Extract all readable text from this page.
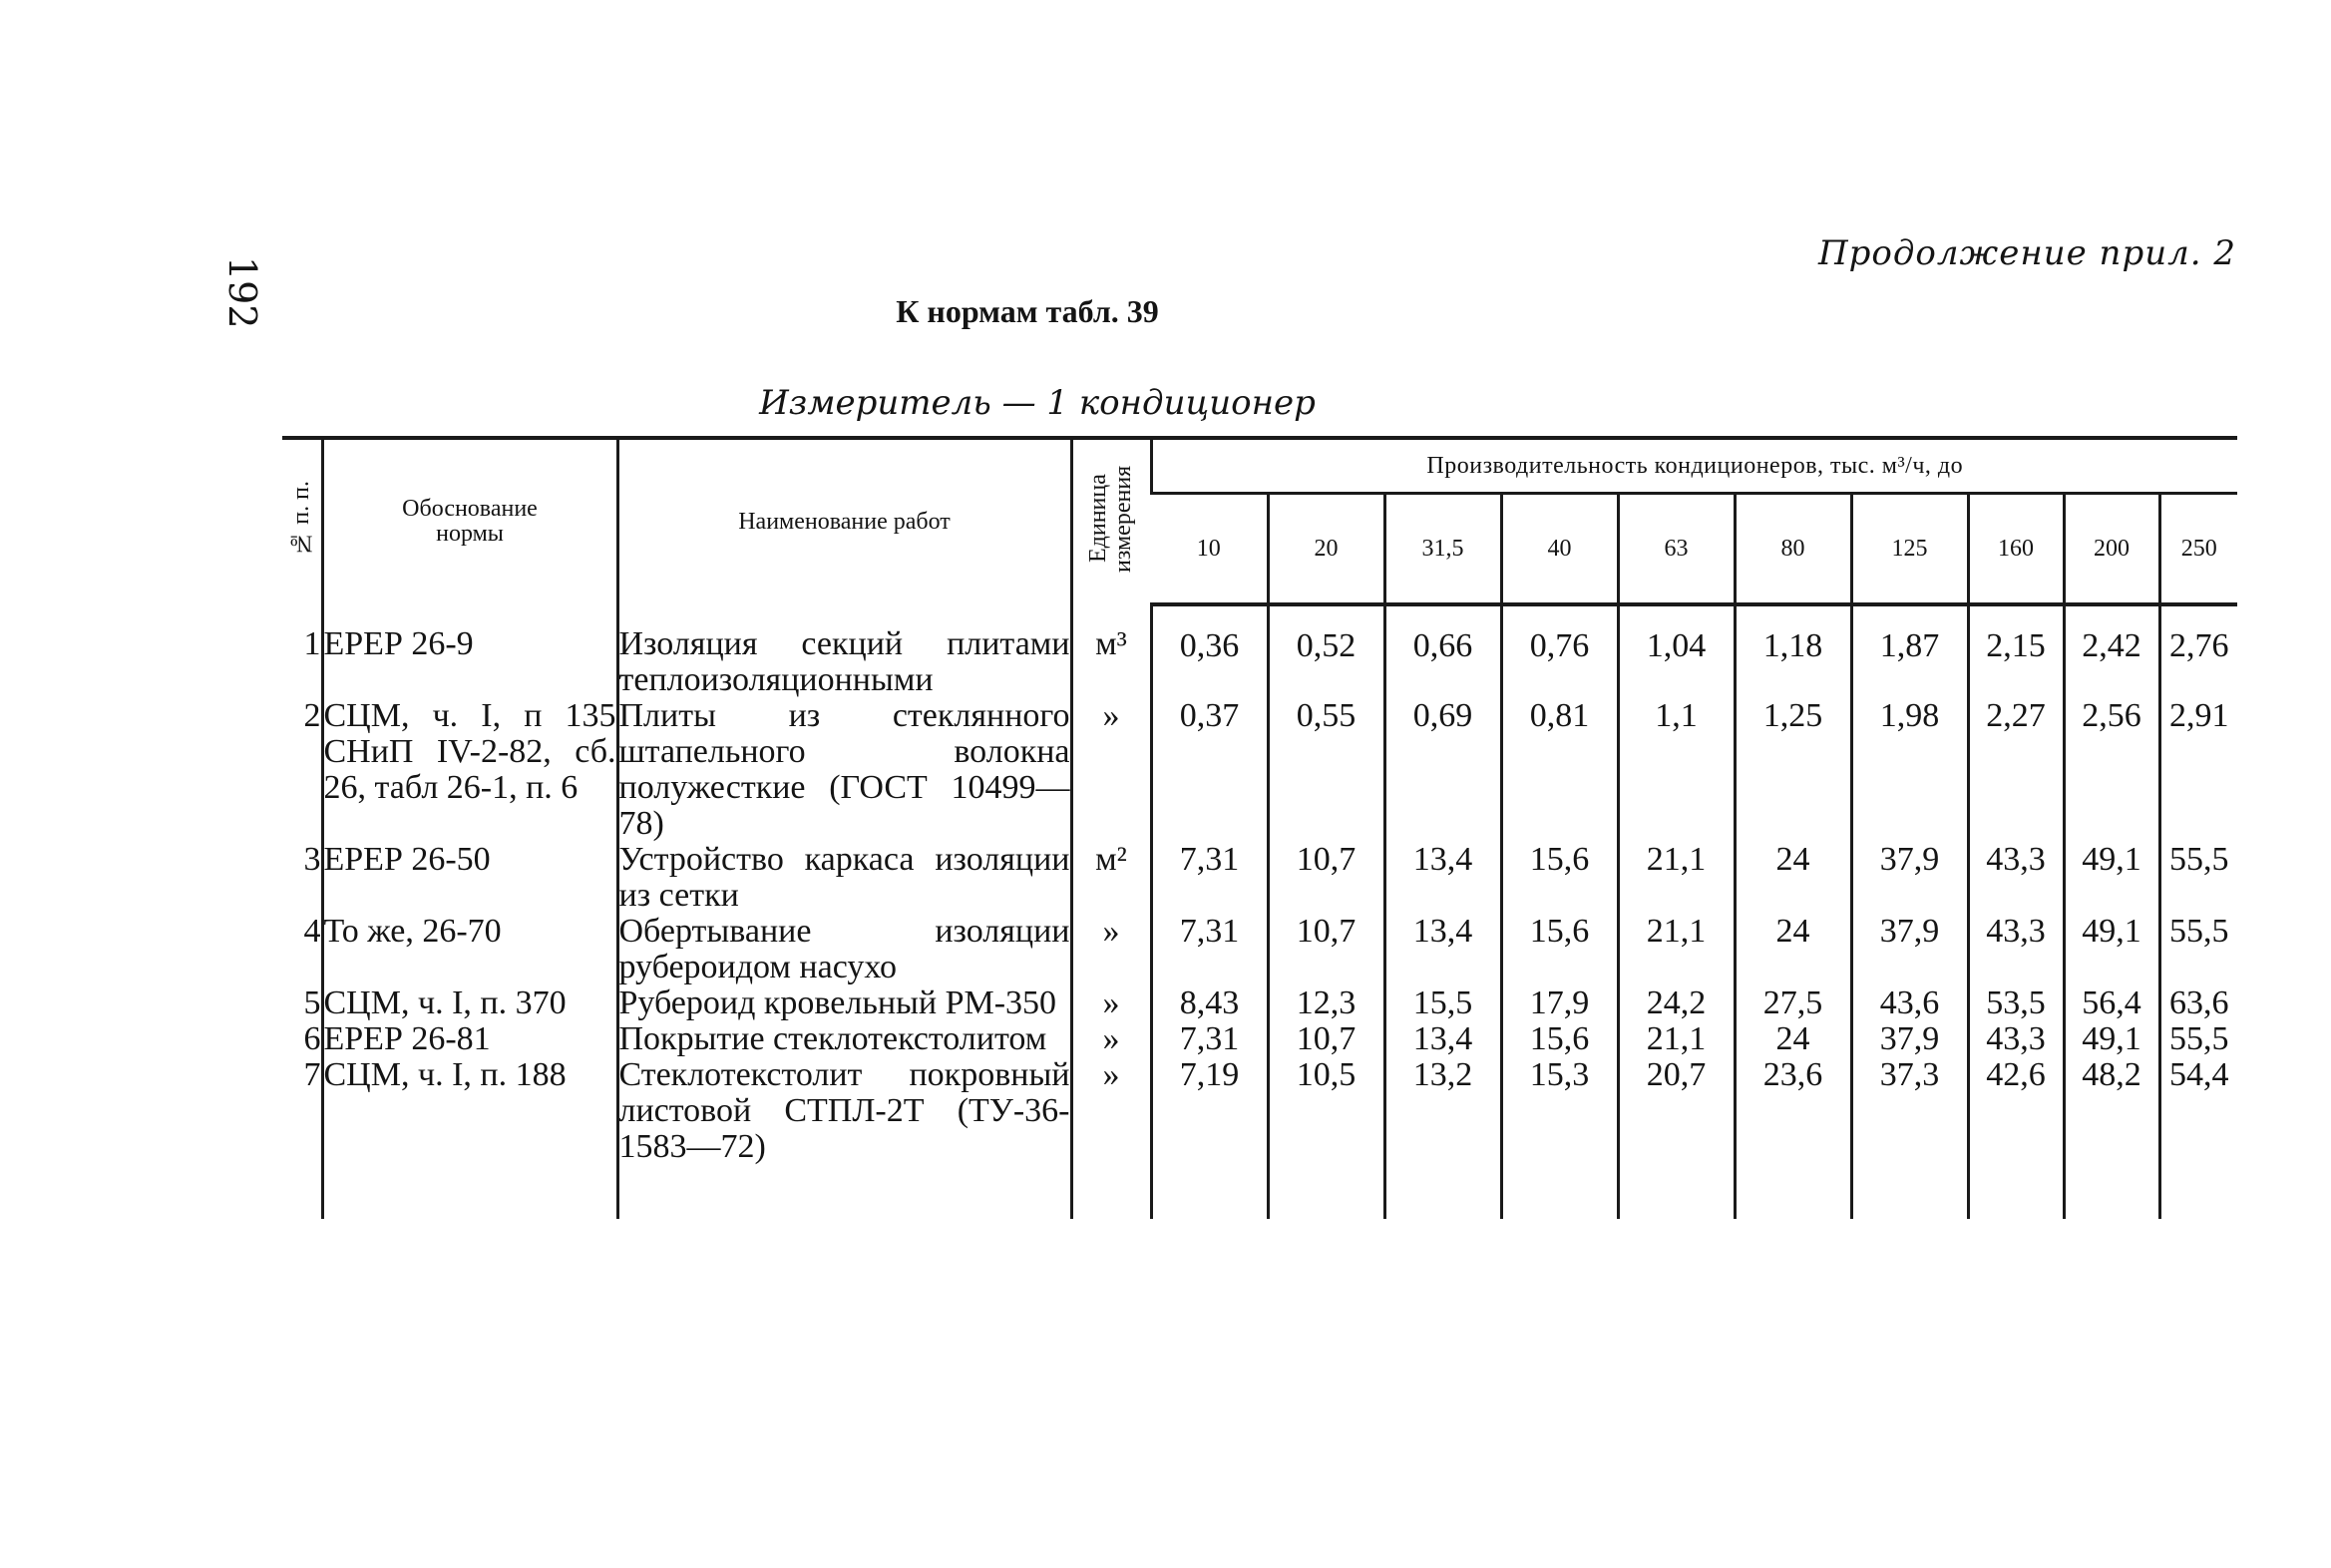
192
Продолжение прил. 2
К нормам табл. 39
Измеритель — 1 кондиционер
№ п. п.	Обоснование нормы	Наименование работ	Единица измерения	Производительность кондиционеров, тыс. м³/ч, до									
				10	20	31,5	40	63	80	125	160	200	250
1	ЕРЕР 26-9	Изоляция секций плитами теплоизоляционными	м³	0,36	0,52	0,66	0,76	1,04	1,18	1,87	2,15	2,42	2,76
2	СЦМ, ч. I, п 135 СНиП IV-2-82, сб. 26, табл 26-1, п. 6	Плиты из стеклянного штапельного волокна полужесткие (ГОСТ 10499—78)	»	0,37	0,55	0,69	0,81	1,1	1,25	1,98	2,27	2,56	2,91
3	ЕРЕР 26-50	Устройство каркаса изоляции из сетки	м²	7,31	10,7	13,4	15,6	21,1	24	37,9	43,3	49,1	55,5
4	То же, 26-70	Обертывание изоляции рубероидом насухо	»	7,31	10,7	13,4	15,6	21,1	24	37,9	43,3	49,1	55,5
5	СЦМ, ч. I, п. 370	Рубероид кровельный РМ-350	»	8,43	12,3	15,5	17,9	24,2	27,5	43,6	53,5	56,4	63,6
6	ЕРЕР 26-81	Покрытие стеклотекстолитом	»	7,31	10,7	13,4	15,6	21,1	24	37,9	43,3	49,1	55,5
7	СЦМ, ч. I, п. 188	Стеклотекстолит покровный листовой СТПЛ-2Т (ТУ-36-1583—72)	»	7,19	10,5	13,2	15,3	20,7	23,6	37,3	42,6	48,2	54,4
